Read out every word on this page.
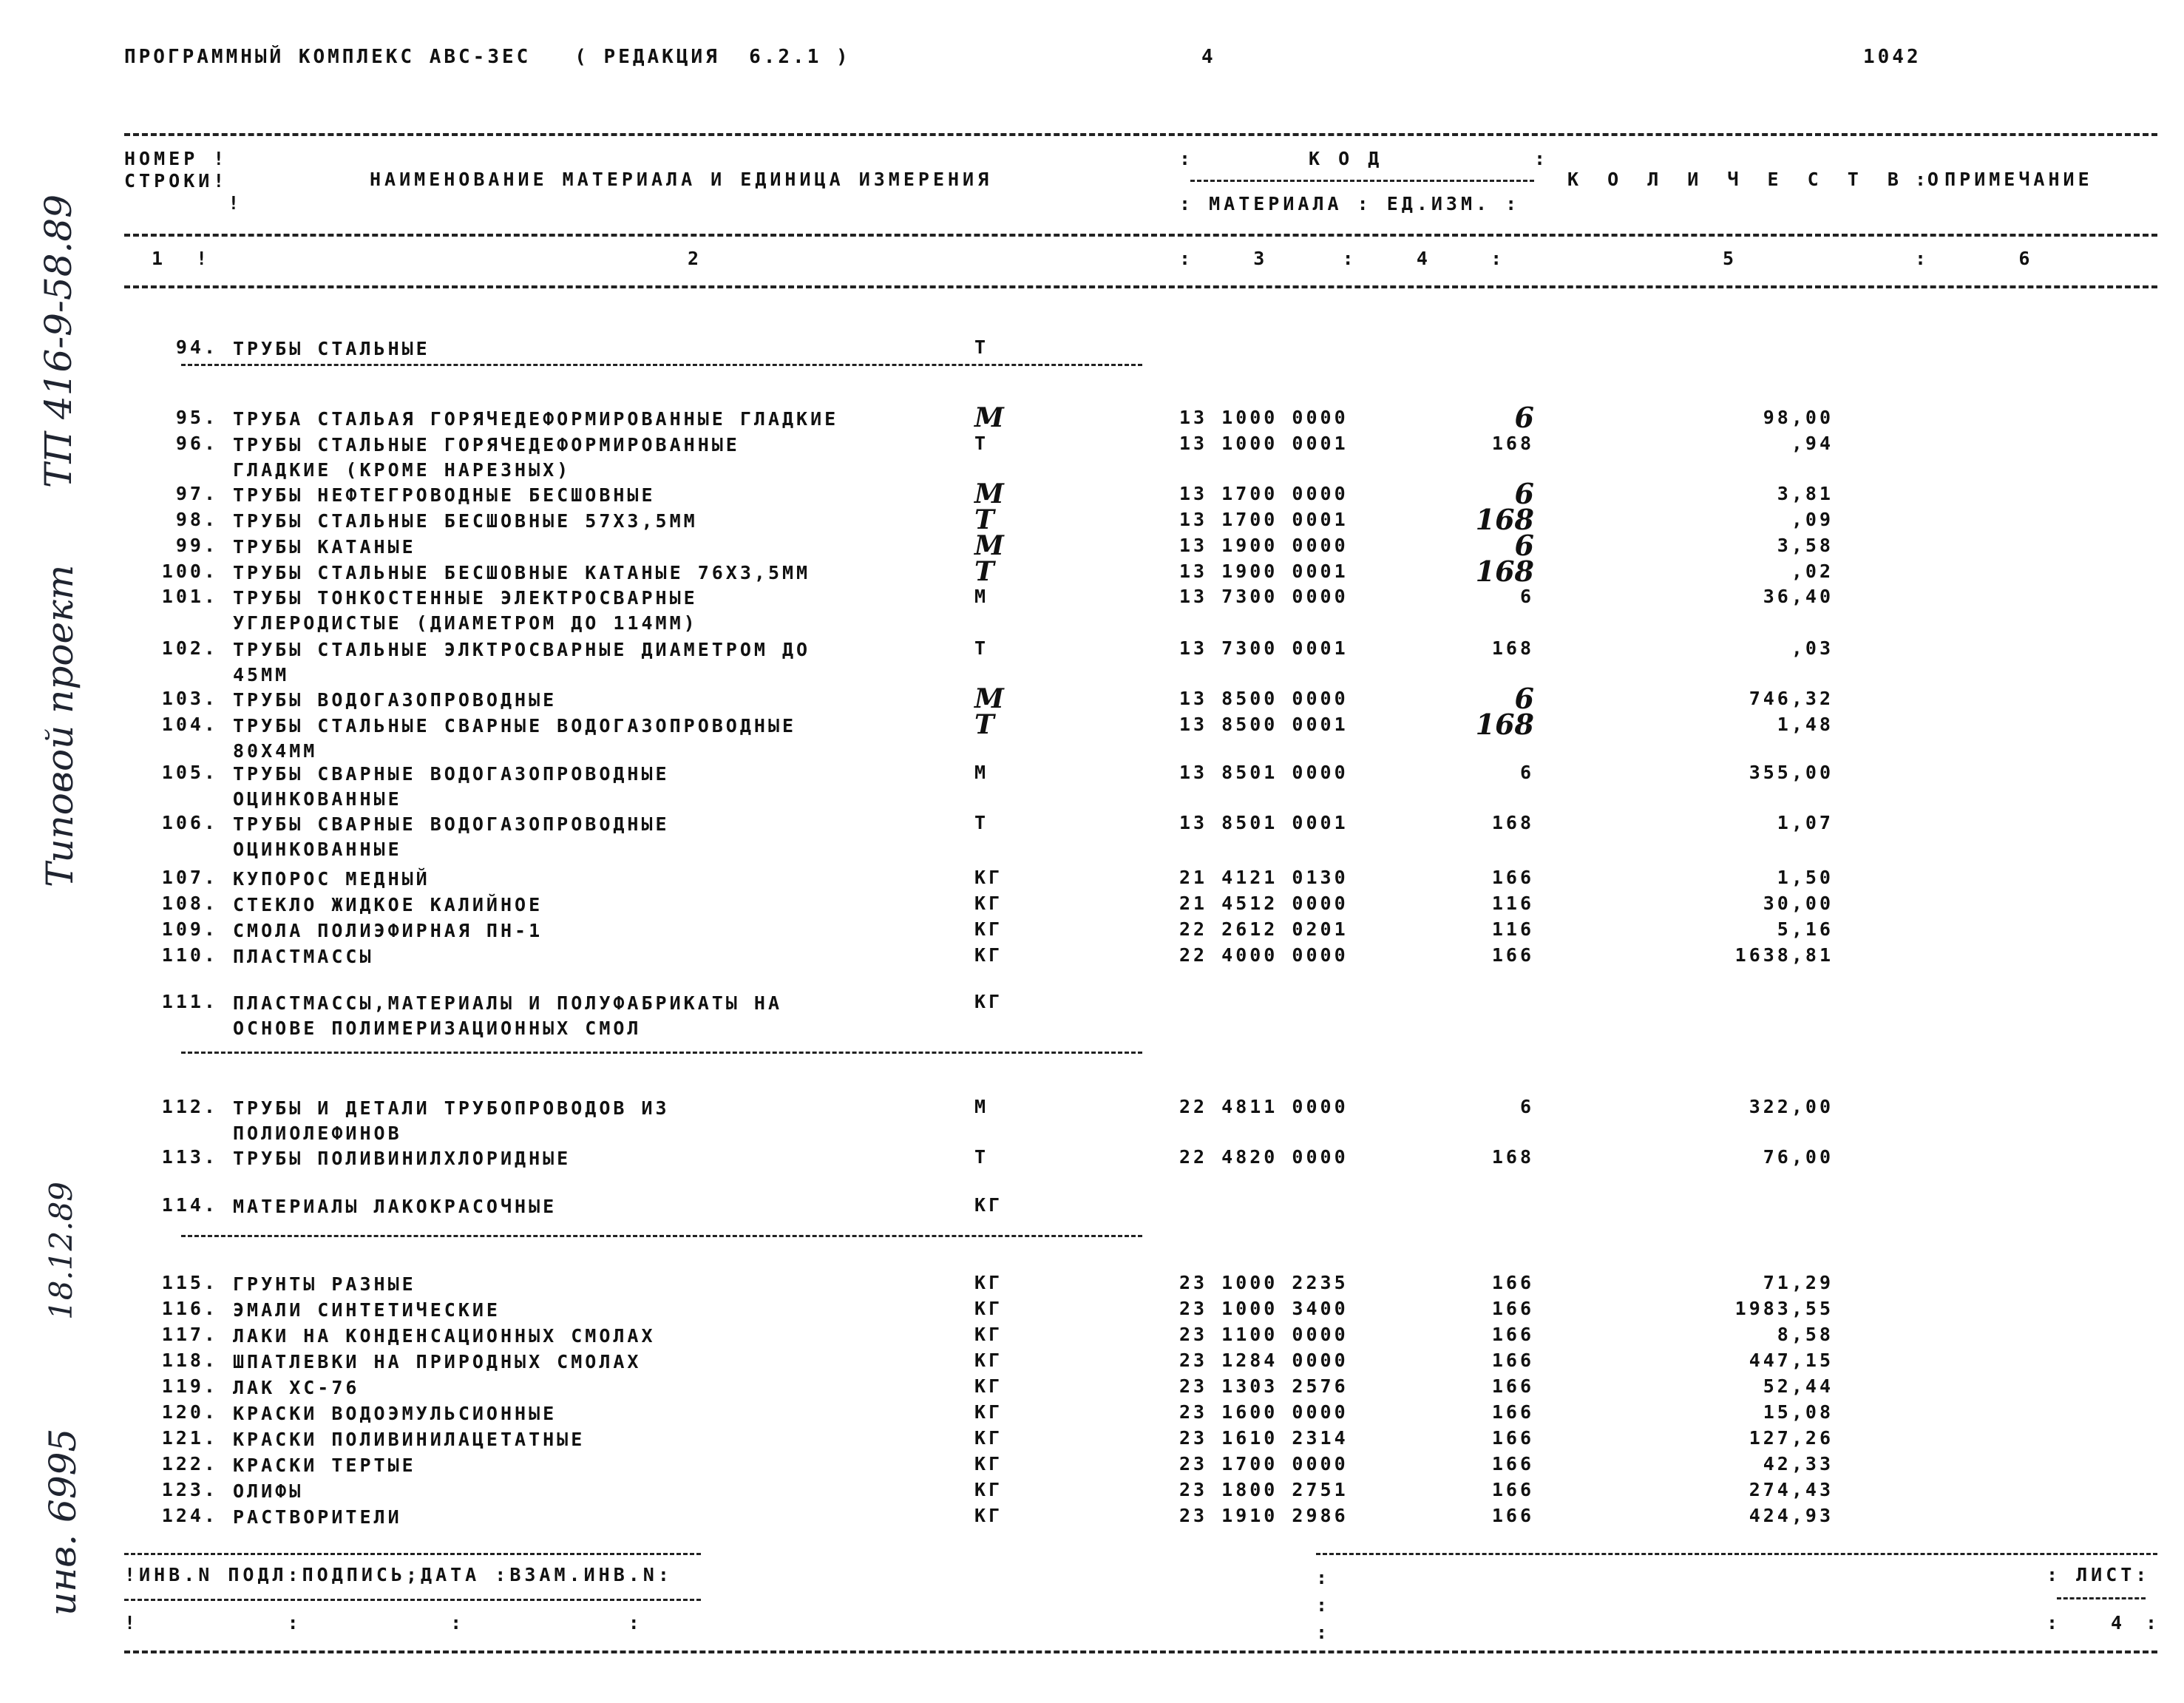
ПРОГРАММНЫЙ КОМПЛЕКС АВС-ЗЕС   ( РЕДАКЦИЯ  6.2.1 )	4	1042
ТП 416-9-58.89
Типовой проект
18.12.89
инв. 6995
НОМЕР !
СТРОКИ!
!
НАИМЕНОВАНИЕ МАТЕРИАЛА И ЕДИНИЦА ИЗМЕРЕНИЯ
:	К О Д	:
: МАТЕРИАЛА : ЕД.ИЗМ. :
К О Л И Ч Е С Т В О
: ПРИМЕЧАНИЕ
1  !	2	:    3     :    4    :	5	:      6
94. ТРУБЫ СТАЛЬНЫЕ	Т
95. ТРУБА СТАЛЬАЯ ГОРЯЧЕДЕФОРМИРОВАННЫЕ ГЛАДКИЕ	М	13 1000 0000	6	98,00
96. ТРУБЫ СТАЛЬНЫЕ ГОРЯЧЕДЕФОРМИРОВАННЫЕ
ГЛАДКИЕ (КРОМЕ НАРЕЗНЫХ)
Т	13 1000 0001	168	,94
97. ТРУБЫ НЕФТЕГРОВОДНЫЕ БЕСШОВНЫЕ	М	13 1700 0000	6	3,81
98. ТРУБЫ СТАЛЬНЫЕ БЕСШОВНЫЕ 57Х3,5ММ	Т	13 1700 0001	168	,09
99. ТРУБЫ КАТАНЫЕ	М	13 1900 0000	6	3,58
100. ТРУБЫ СТАЛЬНЫЕ БЕСШОВНЫЕ КАТАНЫЕ 76Х3,5ММ	Т	13 1900 0001	168	,02
101. ТРУБЫ ТОНКОСТЕННЫЕ ЭЛЕКТРОСВАРНЫЕ
УГЛЕРОДИСТЫЕ (ДИАМЕТРОМ ДО 114ММ)
М	13 7300 0000	6	36,40
102. ТРУБЫ СТАЛЬНЫЕ ЭЛКТРОСВАРНЫЕ ДИАМЕТРОМ ДО
45ММ
Т	13 7300 0001	168	,03
103. ТРУБЫ ВОДОГАЗОПРОВОДНЫЕ	М	13 8500 0000	6	746,32
104. ТРУБЫ СТАЛЬНЫЕ СВАРНЫЕ ВОДОГАЗОПРОВОДНЫЕ
80Х4ММ
Т	13 8500 0001	168	1,48
105. ТРУБЫ СВАРНЫЕ ВОДОГАЗОПРОВОДНЫЕ
ОЦИНКОВАННЫЕ
М	13 8501 0000	6	355,00
106. ТРУБЫ СВАРНЫЕ ВОДОГАЗОПРОВОДНЫЕ
ОЦИНКОВАННЫЕ
Т	13 8501 0001	168	1,07
107. КУПОРОС МЕДНЫЙ	КГ	21 4121 0130	166	1,50
108. СТЕКЛО ЖИДКОЕ КАЛИЙНОЕ	КГ	21 4512 0000	116	30,00
109. СМОЛА ПОЛИЭФИРНАЯ ПН-1	КГ	22 2612 0201	116	5,16
110. ПЛАСТМАССЫ	КГ	22 4000 0000	166	1638,81
111. ПЛАСТМАССЫ,МАТЕРИАЛЫ И ПОЛУФАБРИКАТЫ НА
ОСНОВЕ ПОЛИМЕРИЗАЦИОННЫХ СМОЛ
КГ
112. ТРУБЫ И ДЕТАЛИ ТРУБОПРОВОДОВ ИЗ
ПОЛИОЛЕФИНОВ
М	22 4811 0000	6	322,00
113. ТРУБЫ ПОЛИВИНИЛХЛОРИДНЫЕ	Т	22 4820 0000	168	76,00
114. МАТЕРИАЛЫ ЛАКОКРАСОЧНЫЕ	КГ
115. ГРУНТЫ РАЗНЫЕ	КГ	23 1000 2235	166	71,29
116. ЭМАЛИ СИНТЕТИЧЕСКИЕ	КГ	23 1000 3400	166	1983,55
117. ЛАКИ НА КОНДЕНСАЦИОННЫХ СМОЛАХ	КГ	23 1100 0000	166	8,58
118. ШПАТЛЕВКИ НА ПРИРОДНЫХ СМОЛАХ	КГ	23 1284 0000	166	447,15
119. ЛАК ХС-76	КГ	23 1303 2576	166	52,44
120. КРАСКИ ВОДОЭМУЛЬСИОННЫЕ	КГ	23 1600 0000	166	15,08
121. КРАСКИ ПОЛИВИНИЛАЦЕТАТНЫЕ	КГ	23 1610 2314	166	127,26
122. КРАСКИ ТЕРТЫЕ	КГ	23 1700 0000	166	42,33
123. ОЛИФЫ	КГ	23 1800 2751	166	274,43
124. РАСТВОРИТЕЛИ	КГ	23 1910 2986	166	424,93
!ИНВ.N ПОДЛ:ПОДПИСЬ;ДАТА :ВЗАМ.ИНВ.N:
!          :          :           :
:
:
:
: ЛИСТ:
:	4 :
